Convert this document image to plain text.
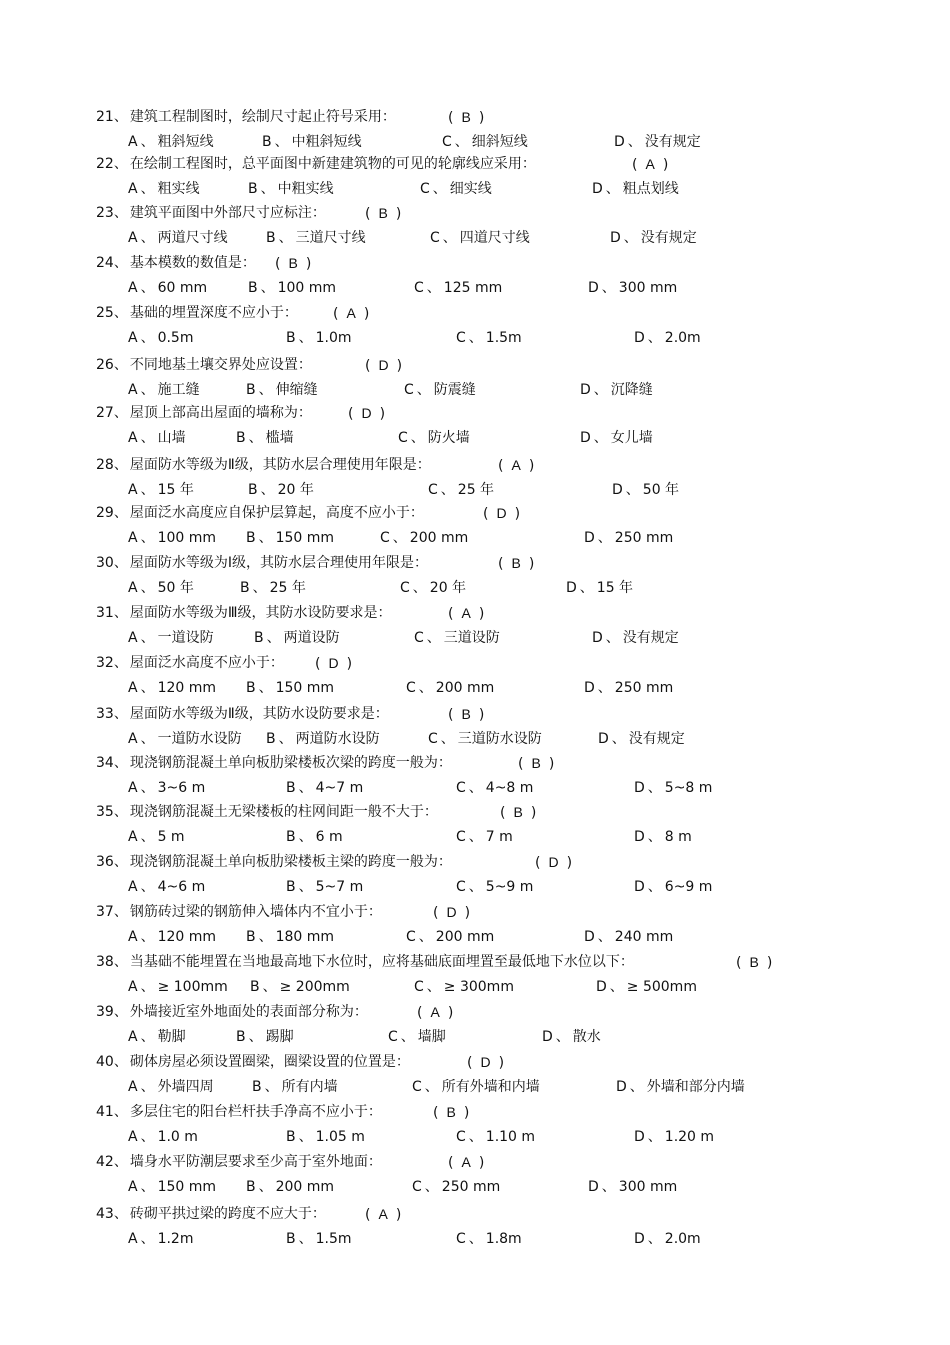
21、 建筑工程制图时，绘制尺寸起止符号采用：	( B )
A 、 粗斜短线	B 、 中粗斜短线	C 、 细斜短线	D 、 没有规定
22、 在绘制工程图时，总平面图中新建建筑物的可见的轮廓线应采用：	( A )
A 、 粗实线	B 、 中粗实线	C 、 细实线	D 、 粗点划线
23、 建筑平面图中外部尺寸应标注：	( B )
A 、 两道尺寸线	B 、 三道尺寸线	C 、 四道尺寸线	D 、 没有规定
24、 基本模数的数值是： ( B )
A 、 60 mm	B 、 100 mm	C 、 125 mm	D 、 300 mm
25、 基础的埋置深度不应小于：	( A )
A 、 0.5m	B 、 1.0m	C 、 1.5m	D 、 2.0m
26、 不同地基土壤交界处应设置：	( D )
A 、 施工缝	B 、 伸缩缝	C 、 防震缝	D 、 沉降缝
27、 屋顶上部高出屋面的墙称为：	( D )
A 、 山墙	B 、 槛墙	C 、 防火墙	D 、 女儿墙
28、 屋面防水等级为Ⅱ级，其防水层合理使用年限是：	( A )
A 、 15 年	B 、 20 年	C 、 25 年	D 、 50 年
29、 屋面泛水高度应自保护层算起，高度不应小于：	( D )
A 、 100 mm B 、 150 mm	C 、 200 mm	D 、 250 mm
30、 屋面防水等级为Ⅰ级，其防水层合理使用年限是：	( B )
A 、 50 年	B 、 25 年	C 、 20 年	D 、 15 年
31、 屋面防水等级为Ⅲ级，其防水设防要求是：	( A )
A 、 一道设防	B 、 两道设防	C 、 三道设防	D 、 没有规定
32、 屋面泛水高度不应小于： ( D )
A 、 120 mm B 、 150 mm	C 、 200 mm	D 、 250 mm
33、 屋面防水等级为Ⅱ级，其防水设防要求是：	( B )
A 、 一道防水设防 B 、 两道防水设防	C 、 三道防水设防	D 、 没有规定
34、 现浇钢筋混凝土单向板肋梁楼板次梁的跨度一般为：	( B )
A 、 3~6 m	B 、 4~7 m	C 、 4~8 m	D 、 5~8 m
35、 现浇钢筋混凝土无梁楼板的柱网间距一般不大于：	( B )
A 、 5 m	B 、 6 m	C 、 7 m	D 、 8 m
36、 现浇钢筋混凝土单向板肋梁楼板主梁的跨度一般为：	( D )
A 、 4~6 m	B 、 5~7 m	C 、 5~9 m	D 、 6~9 m
37、 钢筋砖过梁的钢筋伸入墙体内不宜小于：	( D )
A 、 120 mm B 、 180 mm	C 、 200 mm	D 、 240 mm
38、 当基础不能埋置在当地最高地下水位时，应将基础底面埋置至最低地下水位以下：	( B )
A 、 ≥ 100mm B 、 ≥ 200mm	C 、 ≥ 300mm	D 、 ≥ 500mm
39、 外墙接近室外地面处的表面部分称为：	( A )
A 、 勒脚	B 、 踢脚	C 、 墙脚	D 、 散水
40、 砌体房屋必须设置圈梁，圈梁设置的位置是：	( D )
A 、 外墙四周	B 、 所有内墙	C 、 所有外墙和内墙	D 、 外墙和部分内墙
41、 多层住宅的阳台栏杆扶手净高不应小于：	( B )
A 、 1.0 m	B 、 1.05 m	C 、 1.10 m	D 、 1.20 m
42、 墙身水平防潮层要求至少高于室外地面：	( A )
A 、 150 mm B 、 200 mm	C 、 250 mm	D 、 300 mm
43、 砖砌平拱过梁的跨度不应大于：	( A )
A 、 1.2m	B 、 1.5m	C 、 1.8m	D 、 2.0m
